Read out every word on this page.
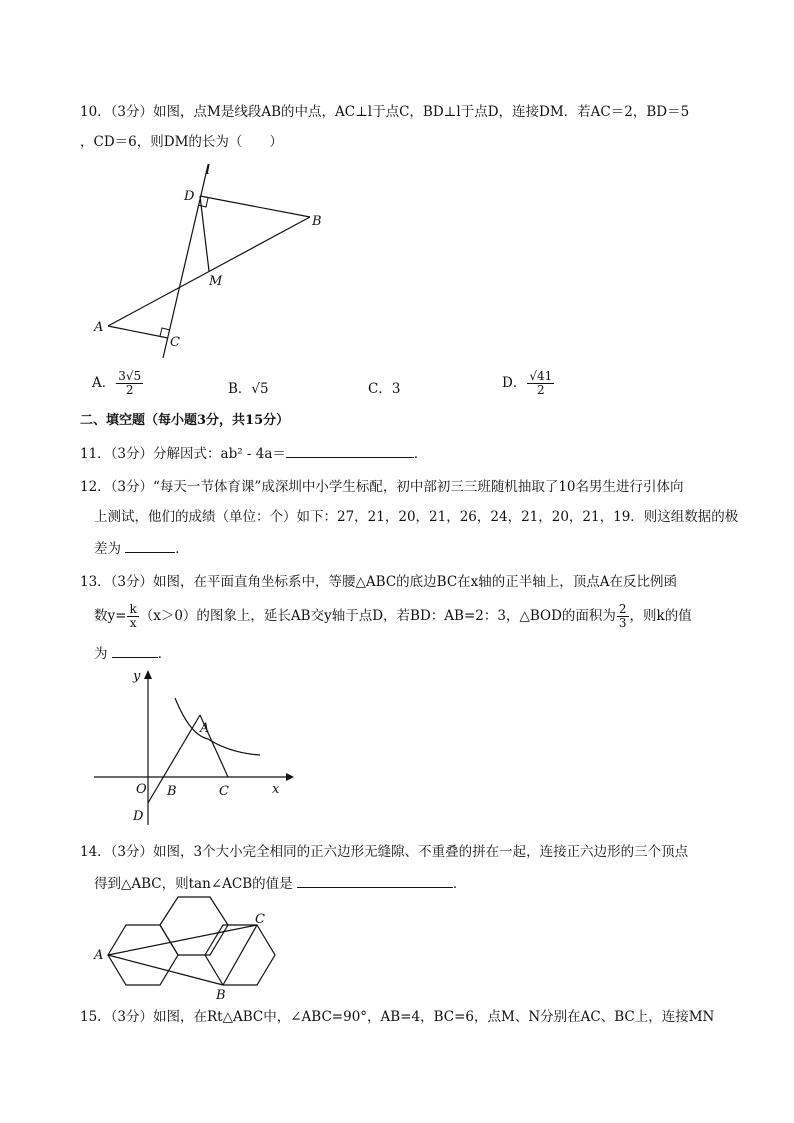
10．（3分）如图，点M是线段AB的中点，AC⊥l于点C，BD⊥l于点D，连接DM．若AC＝2，BD＝5
，CD＝6，则DM的长为（　　）
l
D
B
M
A
C
A． $\frac{3√5}{2}$	B．√5	C．3	D． $\frac{√41}{2}$
二、填空题（每小题3分，共15分）
11．（3分）分解因式：ab² - 4a＝	．
12．（3分）“每天一节体育课”成深圳中小学生标配，初中部初三三班随机抽取了10名男生进行引体向
上测试，他们的成绩（单位：个）如下：27，21，20，21，26，24，21，20，21，19．则这组数据的极
差为	．
13．（3分）如图，在平面直角坐标系中，等腰△ABC的底边BC在x轴的正半轴上，顶点A在反比例函
数$y= \frac{k}{x} (x>0)$的图象上，延长AB交y轴于点D，若BD：AB=2：3，△BOD的面积为 $\frac{2}{3}$ ，则k的值
为	．
y
A
O B	C	x
D
14．（3分）如图，3个大小完全相同的正六边形无缝隙、不重叠的拼在一起，连接正六边形的三个顶点
得到△ABC，则tan∠ACB的值是	．
A
C
B
15．（3分）如图，在Rt△ABC中，∠ABC=90°，AB=4，BC=6，点M、N分别在AC、BC上，连接MN
